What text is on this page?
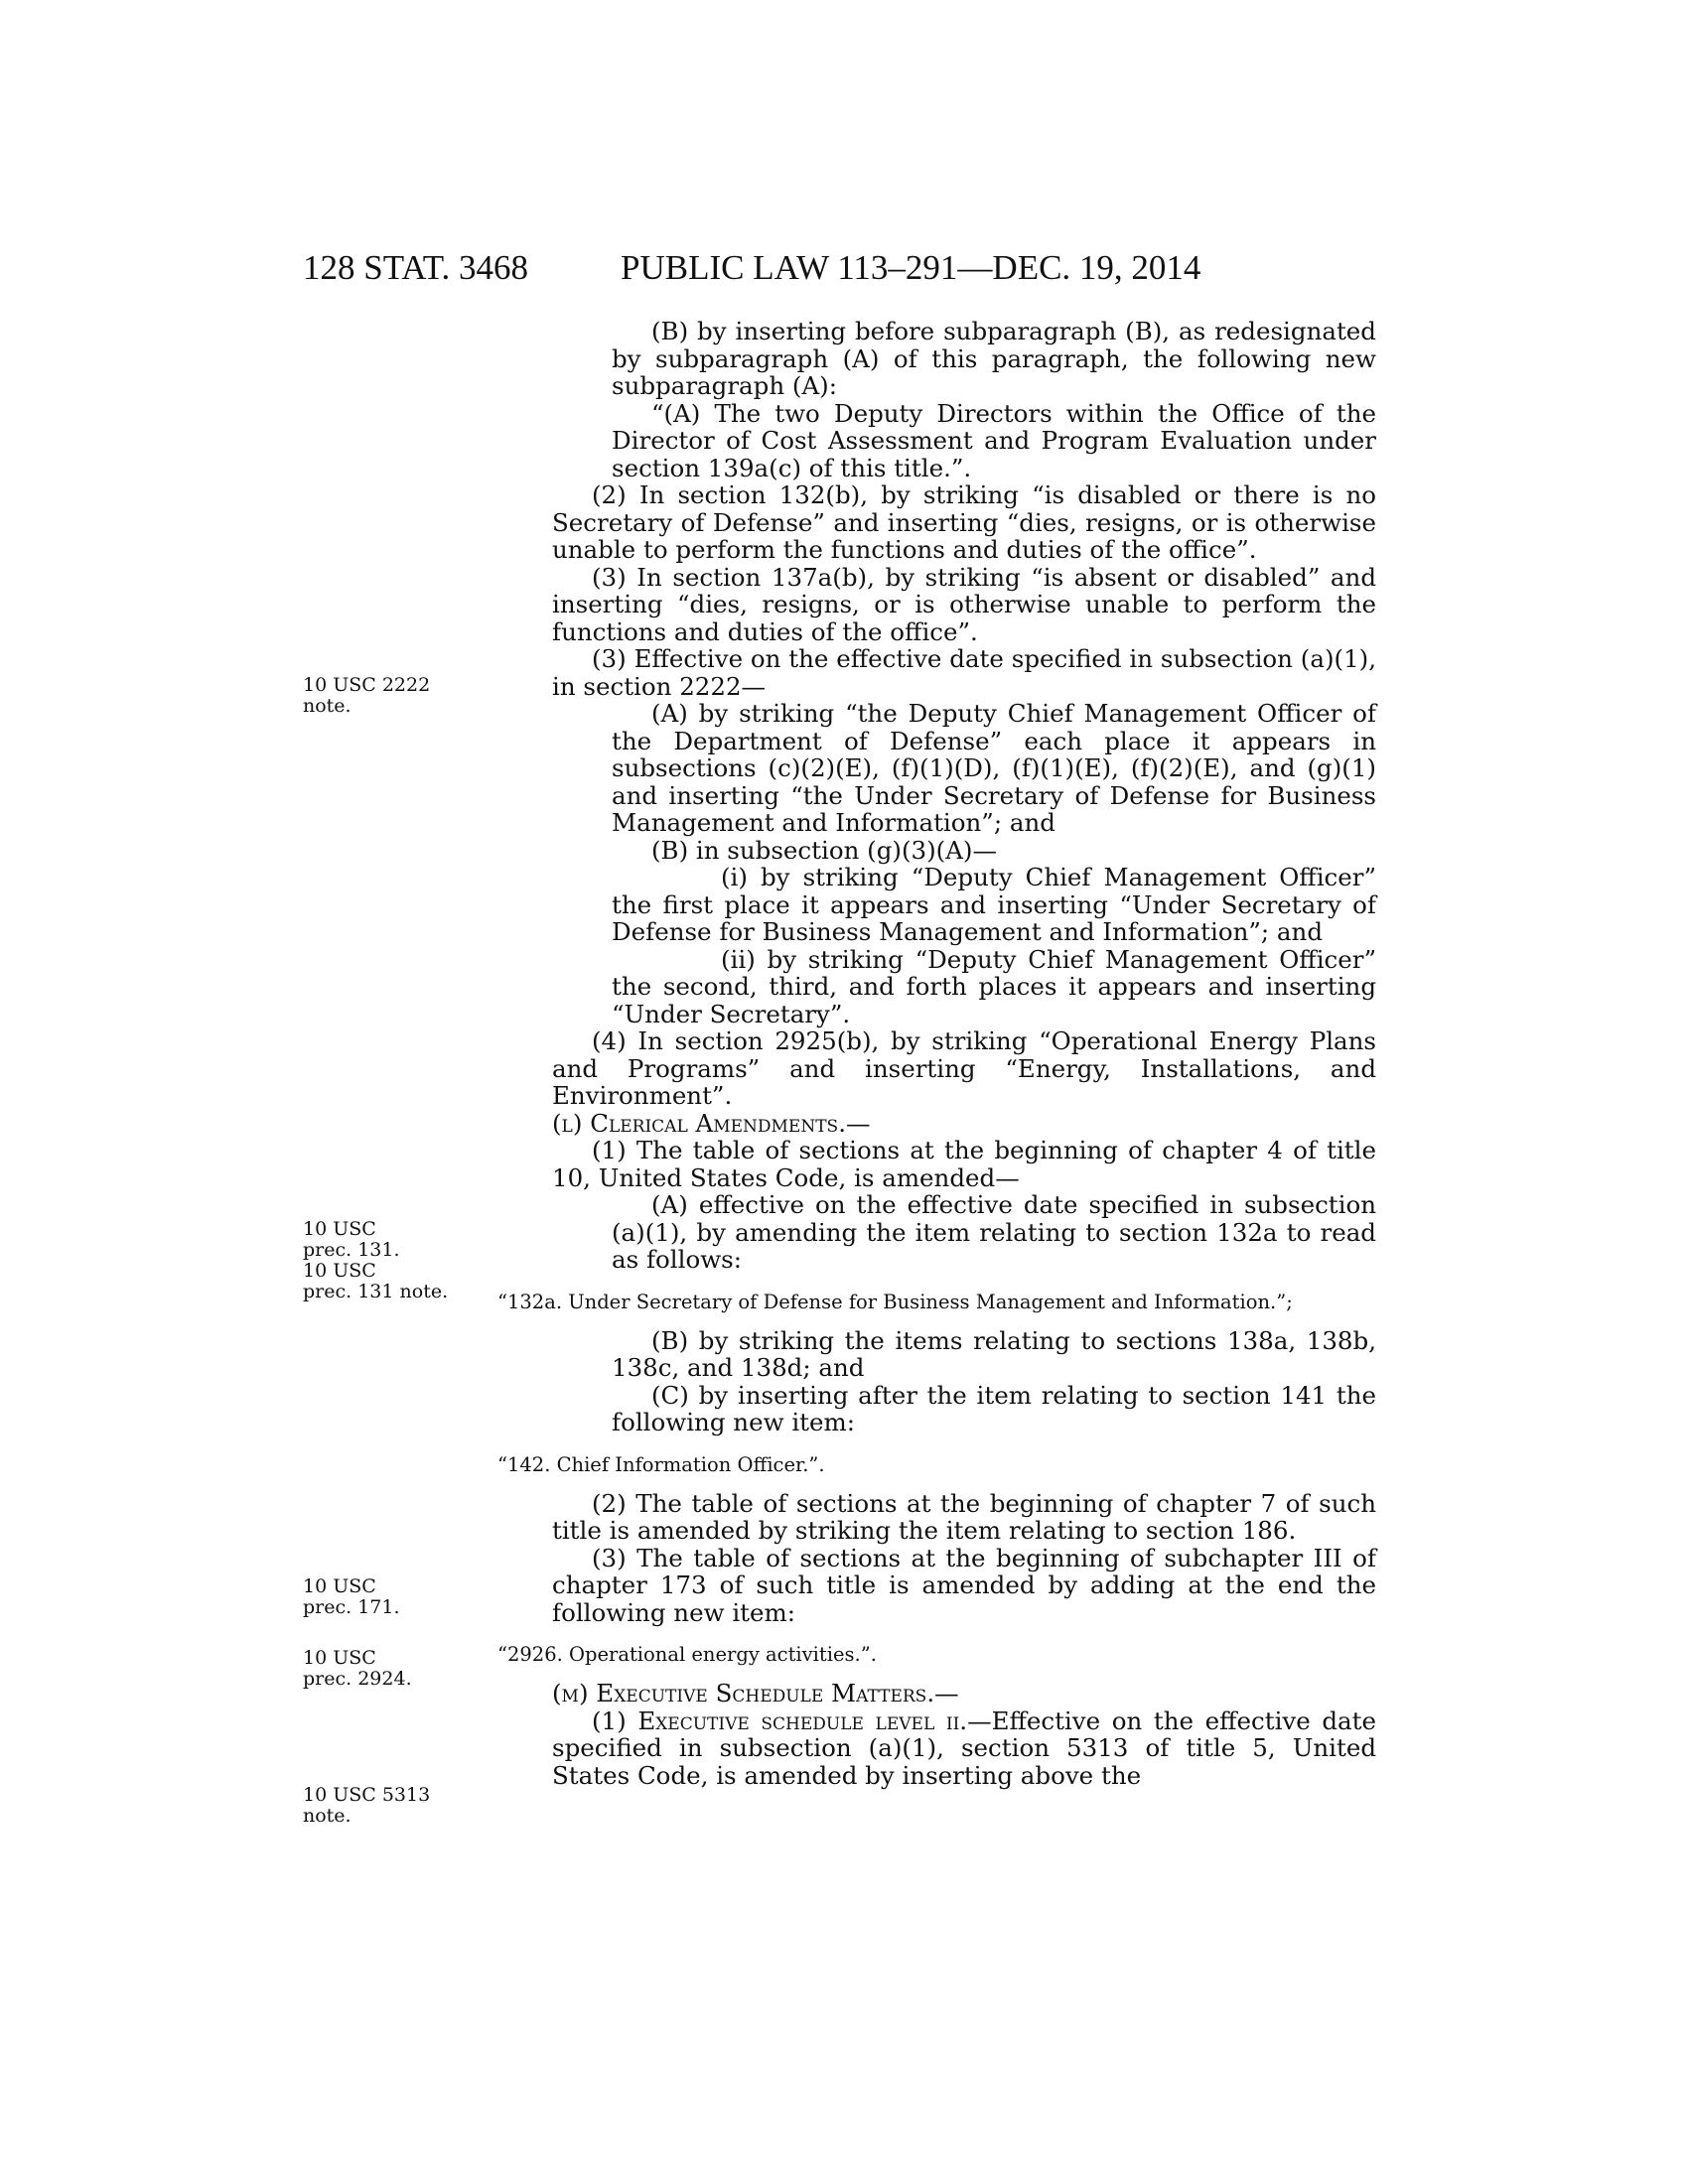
128 STAT. 3468	PUBLIC LAW 113–291—DEC. 19, 2014
10 USC 2222
note.
10 USC
prec. 131.
10 USC
prec. 131 note.
10 USC
prec. 171.
10 USC
prec. 2924.
10 USC 5313
note.

(B) by inserting before subparagraph (B), as redesignated by subparagraph (A) of this paragraph, the following new subparagraph (A):

“(A) The two Deputy Directors within the Office of the Director of Cost Assessment and Program Evaluation under section 139a(c) of this title.”.

(2) In section 132(b), by striking “is disabled or there is no Secretary of Defense” and inserting “dies, resigns, or is otherwise unable to perform the functions and duties of the office”.

(3) In section 137a(b), by striking “is absent or disabled” and inserting “dies, resigns, or is otherwise unable to perform the functions and duties of the office”.

(3) Effective on the effective date specified in subsection (a)(1), in section 2222—

(A) by striking “the Deputy Chief Management Officer of the Department of Defense” each place it appears in subsections (c)(2)(E), (f)(1)(D), (f)(1)(E), (f)(2)(E), and (g)(1) and inserting “the Under Secretary of Defense for Business Management and Information”; and

(B) in subsection (g)(3)(A)—

(i) by striking “Deputy Chief Management Officer” the first place it appears and inserting “Under Secretary of Defense for Business Management and Information”; and

(ii) by striking “Deputy Chief Management Officer” the second, third, and forth places it appears and inserting “Under Secretary”.

(4) In section 2925(b), by striking “Operational Energy Plans and Programs” and inserting “Energy, Installations, and Environment”.

(l) Clerical Amendments.—

(1) The table of sections at the beginning of chapter 4 of title 10, United States Code, is amended—

(A) effective on the effective date specified in subsection (a)(1), by amending the item relating to section 132a to read as follows:

“132a. Under Secretary of Defense for Business Management and Information.”;

(B) by striking the items relating to sections 138a, 138b, 138c, and 138d; and

(C) by inserting after the item relating to section 141 the following new item:

“142. Chief Information Officer.”.

(2) The table of sections at the beginning of chapter 7 of such title is amended by striking the item relating to section 186.

(3) The table of sections at the beginning of subchapter III of chapter 173 of such title is amended by adding at the end the following new item:

“2926. Operational energy activities.”.

(m) Executive Schedule Matters.—

(1) Executive schedule level ii.—Effective on the effective date specified in subsection (a)(1), section 5313 of title 5, United States Code, is amended by inserting above the
